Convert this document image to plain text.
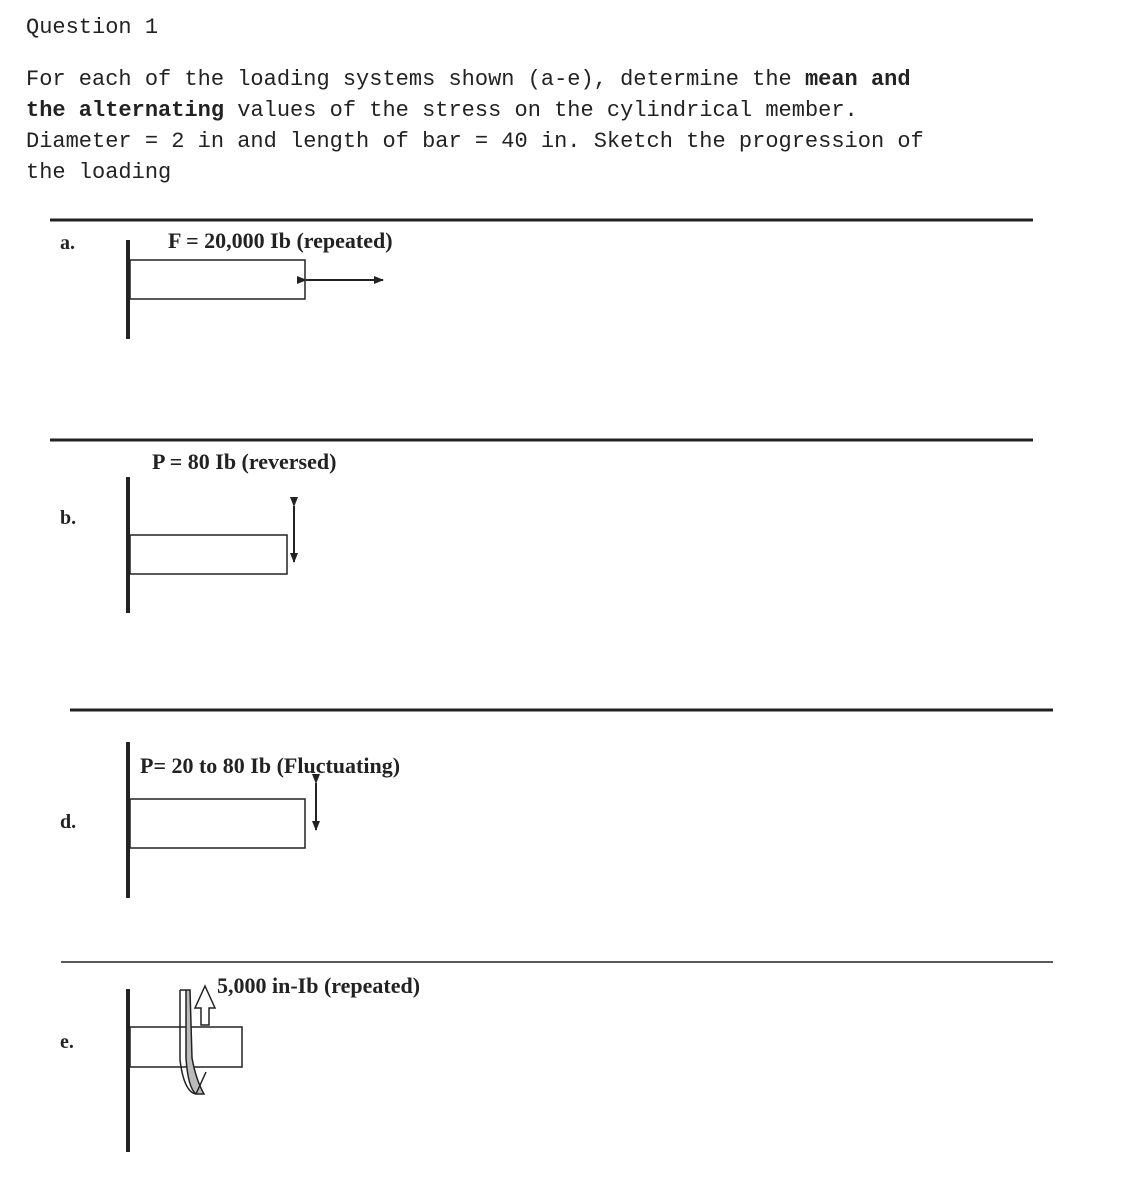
Question 1

For each of the loading systems shown (a-e), determine the mean and
the alternating values of the stress on the cylindrical member.
Diameter = 2 in and length of bar = 40 in. Sketch the progression of
the loading

a.	F = 20,000 Ib (repeated)
P = 80 Ib (reversed)
b.
P= 20 to 80 Ib (Fluctuating)
d.
5,000 in-Ib (repeated)
e.
